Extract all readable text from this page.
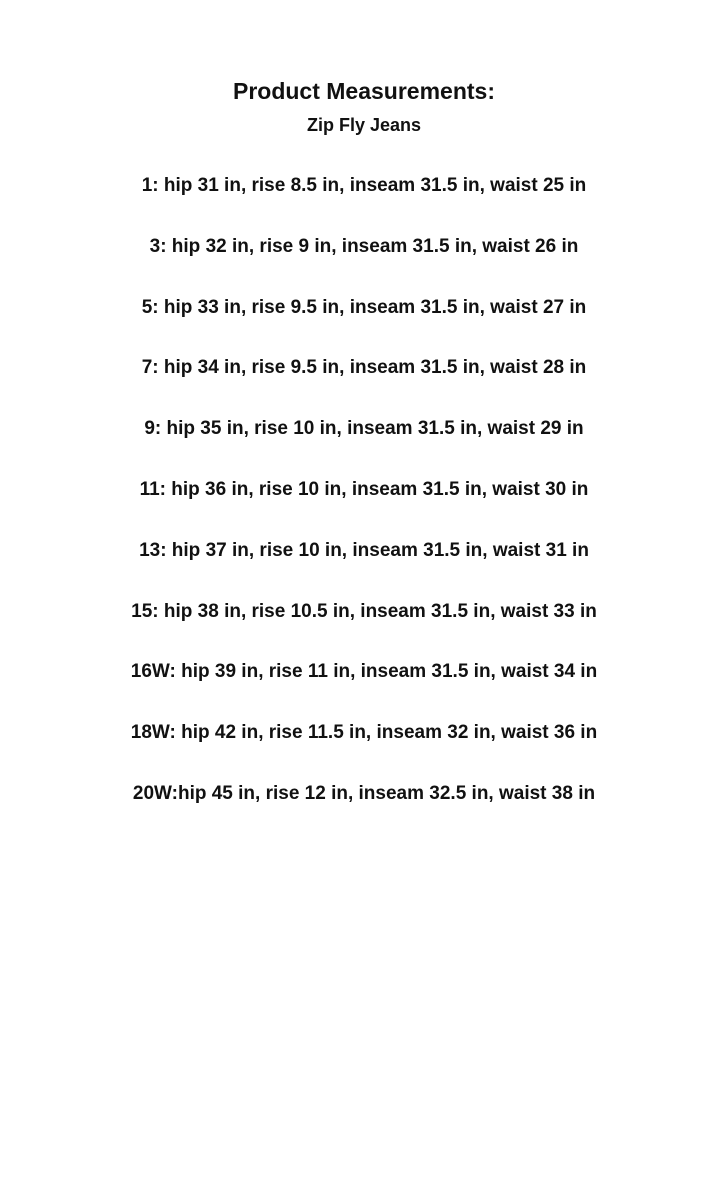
Product Measurements:
Zip Fly Jeans
1: hip 31 in, rise 8.5 in, inseam 31.5 in, waist 25 in
3: hip 32 in, rise 9 in, inseam 31.5 in, waist 26 in
5: hip 33 in, rise 9.5 in, inseam 31.5 in, waist 27 in
7: hip 34 in, rise 9.5 in, inseam 31.5 in, waist 28 in
9: hip 35 in, rise 10 in, inseam 31.5 in, waist 29 in
11: hip 36 in, rise 10 in, inseam 31.5 in, waist 30 in
13: hip 37 in, rise 10 in, inseam 31.5 in, waist 31 in
15: hip 38 in, rise 10.5 in, inseam 31.5 in, waist 33 in
16W: hip 39 in, rise 11 in, inseam 31.5 in, waist 34 in
18W: hip 42 in, rise 11.5 in, inseam 32 in, waist 36 in
20W:hip 45 in, rise 12 in, inseam 32.5 in, waist 38 in
